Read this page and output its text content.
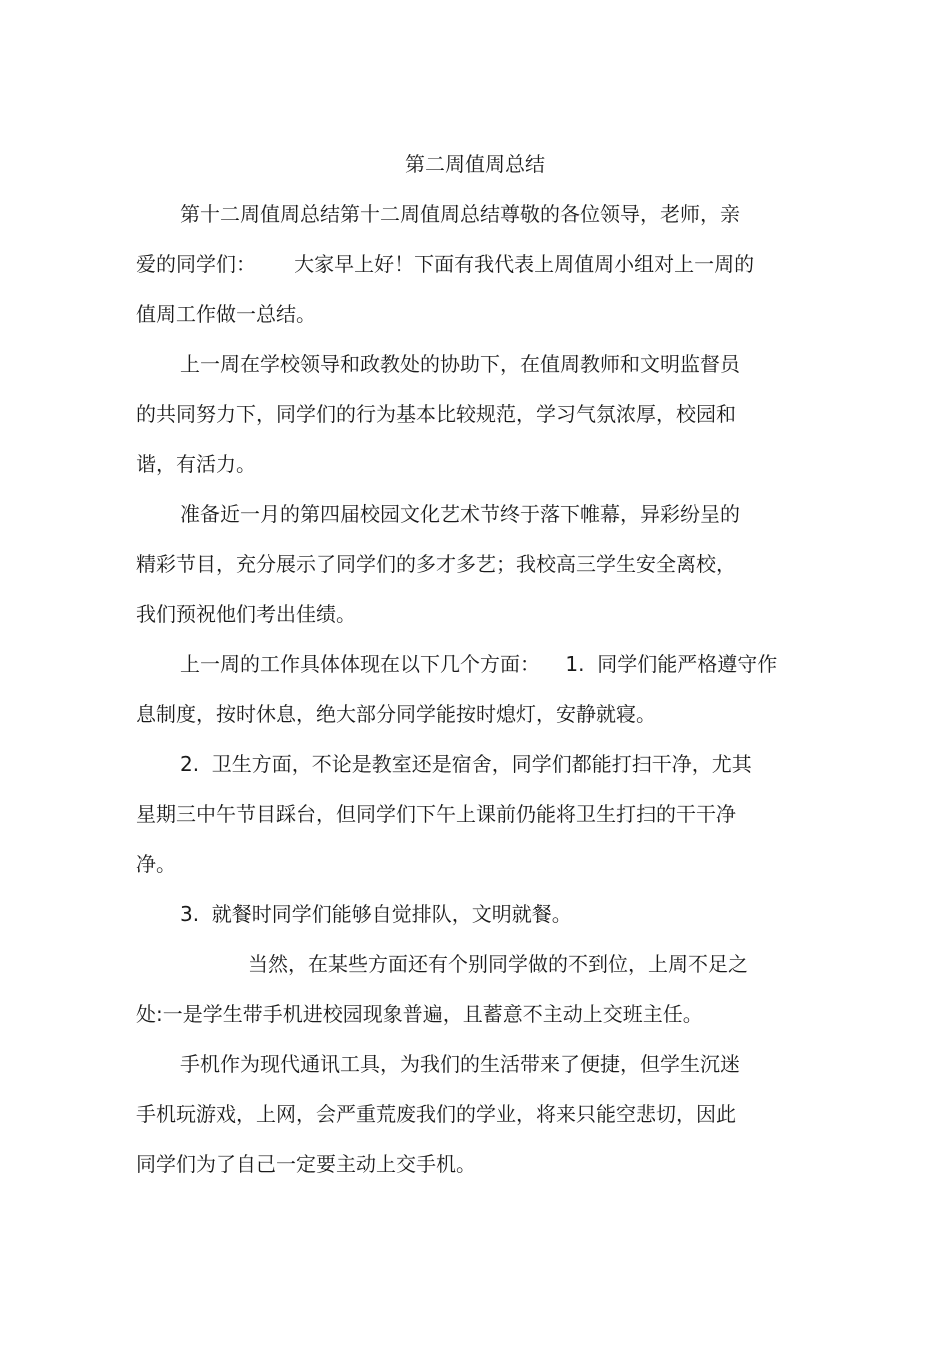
第二周值周总结

第十二周值周总结第十二周值周总结尊敬的各位领导，老师，亲

爱的同学们：      大家早上好！下面有我代表上周值周小组对上一周的

值周工作做一总结。

上一周在学校领导和政教处的协助下，在值周教师和文明监督员

的共同努力下，同学们的行为基本比较规范，学习气氛浓厚，校园和

谐，有活力。

准备近一月的第四届校园文化艺术节终于落下帷幕，异彩纷呈的

精彩节目，充分展示了同学们的多才多艺；我校高三学生安全离校，

我们预祝他们考出佳绩。

上一周的工作具体体现在以下几个方面：    1.  同学们能严格遵守作

息制度，按时休息，绝大部分同学能按时熄灯，安静就寝。

2.  卫生方面，不论是教室还是宿舍，同学们都能打扫干净，尤其

星期三中午节目踩台，但同学们下午上课前仍能将卫生打扫的干干净

净。

3.  就餐时同学们能够自觉排队，文明就餐。

当然，在某些方面还有个别同学做的不到位，上周不足之

处:一是学生带手机进校园现象普遍，且蓄意不主动上交班主任。

手机作为现代通讯工具，为我们的生活带来了便捷，但学生沉迷

手机玩游戏，上网，会严重荒废我们的学业，将来只能空悲切，因此

同学们为了自己一定要主动上交手机。
